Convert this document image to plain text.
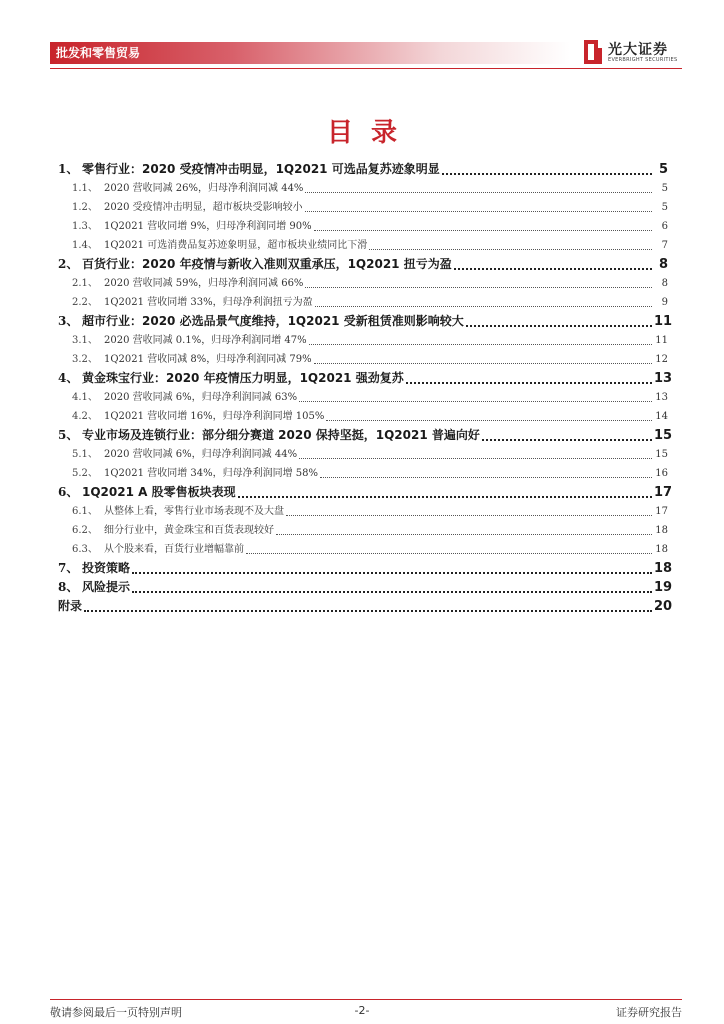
批发和零售贸易	光大证券
EVERBRIGHT SECURITIES
目录
1、 零售行业：2020 受疫情冲击明显，1Q2021 可选品复苏迹象明显	5
1.1、 2020 营收同减 26%，归母净利润同减 44%	5
1.2、 2020 受疫情冲击明显，超市板块受影响较小	5
1.3、 1Q2021 营收同增 9%，归母净利润同增 90%	6
1.4、 1Q2021 可选消费品复苏迹象明显，超市板块业绩同比下滑	7
2、 百货行业：2020 年疫情与新收入准则双重承压，1Q2021 扭亏为盈	8
2.1、 2020 营收同减 59%，归母净利润同减 66%	8
2.2、 1Q2021 营收同增 33%，归母净利润扭亏为盈	9
3、 超市行业：2020 必选品景气度维持，1Q2021 受新租赁准则影响较大	11
3.1、 2020 营收同减 0.1%，归母净利润同增 47%	11
3.2、 1Q2021 营收同减 8%，归母净利润同减 79%	12
4、 黄金珠宝行业：2020 年疫情压力明显，1Q2021 强劲复苏	13
4.1、 2020 营收同减 6%，归母净利润同减 63%	13
4.2、 1Q2021 营收同增 16%，归母净利润同增 105%	14
5、 专业市场及连锁行业：部分细分赛道 2020 保持坚挺，1Q2021 普遍向好	15
5.1、 2020 营收同减 6%，归母净利润同减 44%	15
5.2、 1Q2021 营收同增 34%，归母净利润同增 58%	16
6、 1Q2021 A 股零售板块表现	17
6.1、 从整体上看，零售行业市场表现不及大盘	17
6.2、 细分行业中，黄金珠宝和百货表现较好	18
6.3、 从个股来看，百货行业增幅靠前	18
7、 投资策略	18
8、 风险提示	19
附录	20
敬请参阅最后一页特别声明	-2-	证券研究报告
